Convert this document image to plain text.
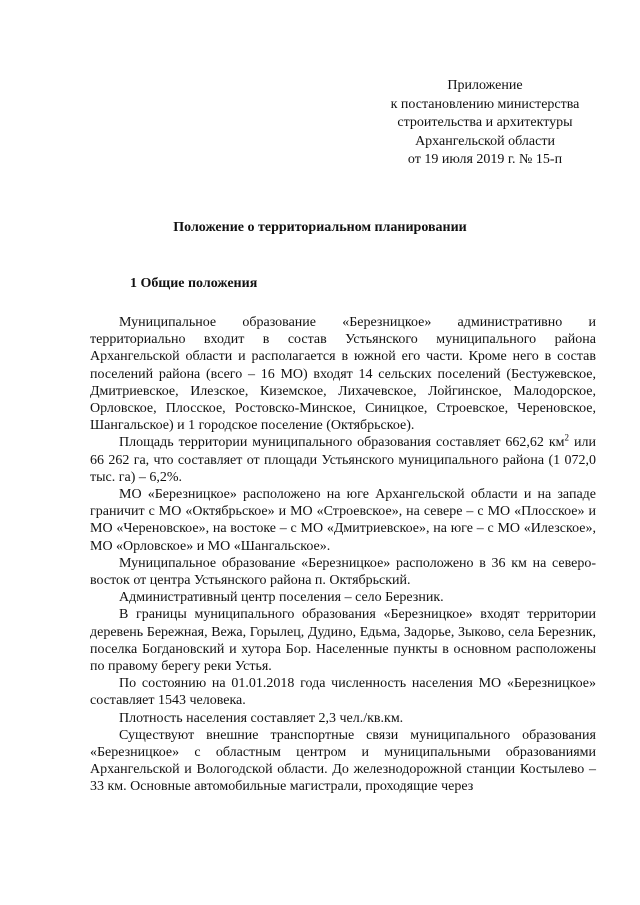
Приложение
к постановлению министерства
строительства и архитектуры
Архангельской области
от 19 июля 2019 г. № 15-п
Положение о территориальном планировании
1 Общие положения

Муниципальное образование «Березницкое» административно и территориально входит в состав Устьянского муниципального района Архангельской области и располагается в южной его части. Кроме него в состав поселений района (всего – 16 МО) входят 14 сельских поселений (Бестужевское, Дмитриевское, Илезское, Киземское, Лихачевское, Лойгинское, Малодорское, Орловское, Плосское, Ростовско-Минское, Синицкое, Строевское, Череновское, Шангальское) и 1 городское поселение (Октябрьское).

Площадь территории муниципального образования составляет 662,62 $км^2$ или 66 262 га, что составляет от площади Устьянского муниципального района (1 072,0 тыс. га) – 6,2%.

МО «Березницкое» расположено на юге Архангельской области и на западе граничит с МО «Октябрьское» и МО «Строевское», на севере – с МО «Плосское» и МО «Череновское», на востоке – с МО «Дмитриевское», на юге – с МО «Илезское», МО «Орловское» и МО «Шангальское».

Муниципальное образование «Березницкое» расположено в 36 км на северо-восток от центра Устьянского района п. Октябрьский.

Административный центр поселения – село Березник.

В границы муниципального образования «Березницкое» входят территории деревень Бережная, Вежа, Горылец, Дудино, Едьма, Задорье, Зыково, села Березник, поселка Богдановский и хутора Бор. Населенные пункты в основном расположены по правому берегу реки Устья.

По состоянию на 01.01.2018 года численность населения МО «Березницкое» составляет 1543 человека.

Плотность населения составляет 2,3 чел./кв.км.

Существуют внешние транспортные связи муниципального образования «Березницкое» с областным центром и муниципальными образованиями Архангельской и Вологодской области. До железнодорожной станции Костылево – 33 км. Основные автомобильные магистрали, проходящие через
